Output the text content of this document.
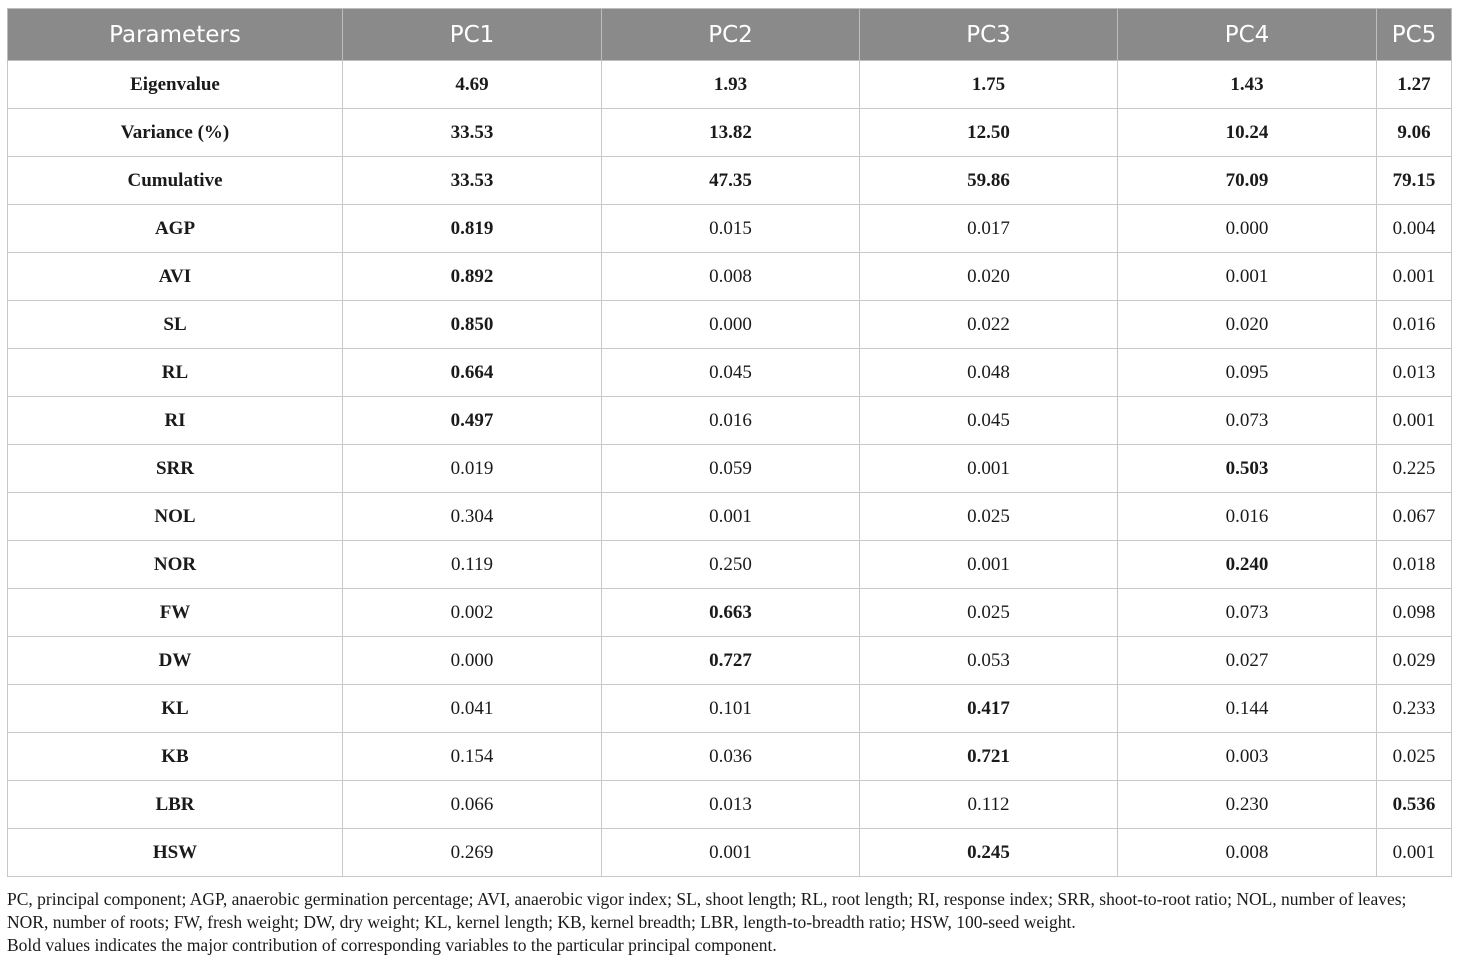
Parameters	PC1	PC2	PC3	PC4	PC5
Eigenvalue	4.69	1.93	1.75	1.43	1.27
Variance (%)	33.53	13.82	12.50	10.24	9.06
Cumulative	33.53	47.35	59.86	70.09	79.15
AGP	0.819	0.015	0.017	0.000	0.004
AVI	0.892	0.008	0.020	0.001	0.001
SL	0.850	0.000	0.022	0.020	0.016
RL	0.664	0.045	0.048	0.095	0.013
RI	0.497	0.016	0.045	0.073	0.001
SRR	0.019	0.059	0.001	0.503	0.225
NOL	0.304	0.001	0.025	0.016	0.067
NOR	0.119	0.250	0.001	0.240	0.018
FW	0.002	0.663	0.025	0.073	0.098
DW	0.000	0.727	0.053	0.027	0.029
KL	0.041	0.101	0.417	0.144	0.233
KB	0.154	0.036	0.721	0.003	0.025
LBR	0.066	0.013	0.112	0.230	0.536
HSW	0.269	0.001	0.245	0.008	0.001

PC, principal component; AGP, anaerobic germination percentage; AVI, anaerobic vigor index; SL, shoot length; RL, root length; RI, response index; SRR, shoot-to-root ratio; NOL, number of leaves; NOR, number of roots; FW, fresh weight; DW, dry weight; KL, kernel length; KB, kernel breadth; LBR, length-to-breadth ratio; HSW, 100-seed weight.

Bold values indicates the major contribution of corresponding variables to the particular principal component.
